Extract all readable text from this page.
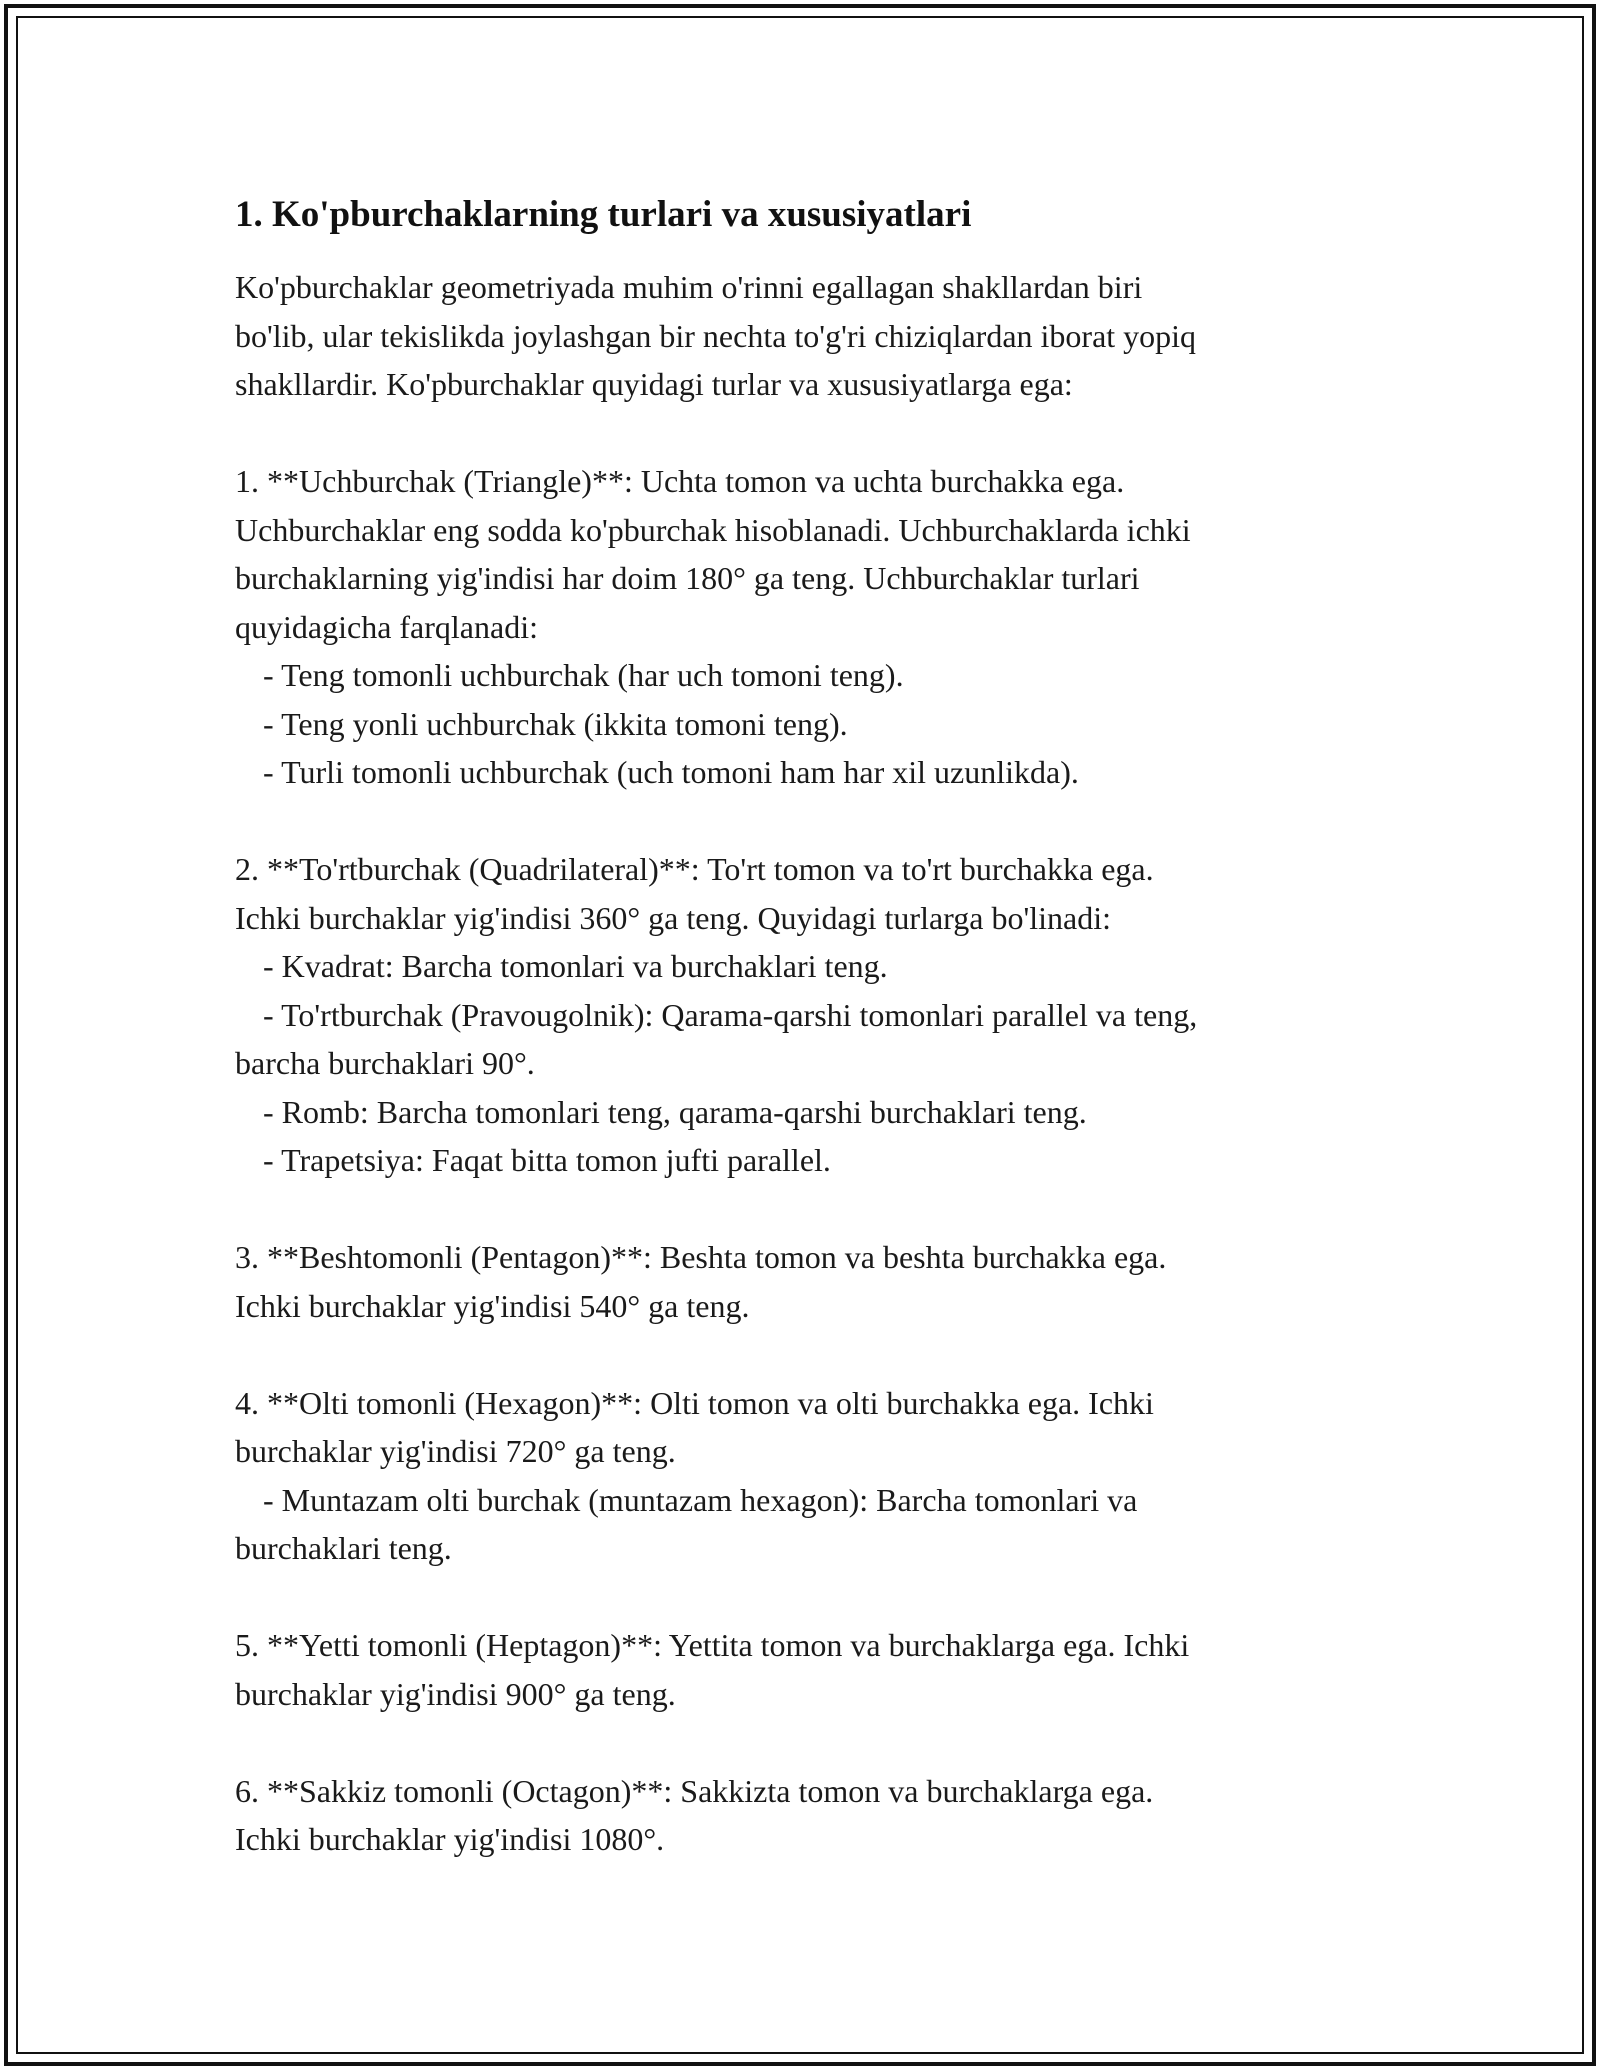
1. Ko'pburchaklarning turlari va xususiyatlari
Ko'pburchaklar geometriyada muhim o'rinni egallagan shakllardan biri
bo'lib, ular tekislikda joylashgan bir nechta to'g'ri chiziqlardan iborat yopiq
shakllardir. Ko'pburchaklar quyidagi turlar va xususiyatlarga ega:
1. **Uchburchak (Triangle)**: Uchta tomon va uchta burchakka ega.
Uchburchaklar eng sodda ko'pburchak hisoblanadi. Uchburchaklarda ichki
burchaklarning yig'indisi har doim 180° ga teng. Uchburchaklar turlari
quyidagicha farqlanadi:
- Teng tomonli uchburchak (har uch tomoni teng).
- Teng yonli uchburchak (ikkita tomoni teng).
- Turli tomonli uchburchak (uch tomoni ham har xil uzunlikda).
2. **To'rtburchak (Quadrilateral)**: To'rt tomon va to'rt burchakka ega.
Ichki burchaklar yig'indisi 360° ga teng. Quyidagi turlarga bo'linadi:
- Kvadrat: Barcha tomonlari va burchaklari teng.
- To'rtburchak (Pravougolnik): Qarama-qarshi tomonlari parallel va teng,
barcha burchaklari 90°.
- Romb: Barcha tomonlari teng, qarama-qarshi burchaklari teng.
- Trapetsiya: Faqat bitta tomon jufti parallel.
3. **Beshtomonli (Pentagon)**: Beshta tomon va beshta burchakka ega.
Ichki burchaklar yig'indisi 540° ga teng.
4. **Olti tomonli (Hexagon)**: Olti tomon va olti burchakka ega. Ichki
burchaklar yig'indisi 720° ga teng.
- Muntazam olti burchak (muntazam hexagon): Barcha tomonlari va
burchaklari teng.
5. **Yetti tomonli (Heptagon)**: Yettita tomon va burchaklarga ega. Ichki
burchaklar yig'indisi 900° ga teng.
6. **Sakkiz tomonli (Octagon)**: Sakkizta tomon va burchaklarga ega.
Ichki burchaklar yig'indisi 1080°.
